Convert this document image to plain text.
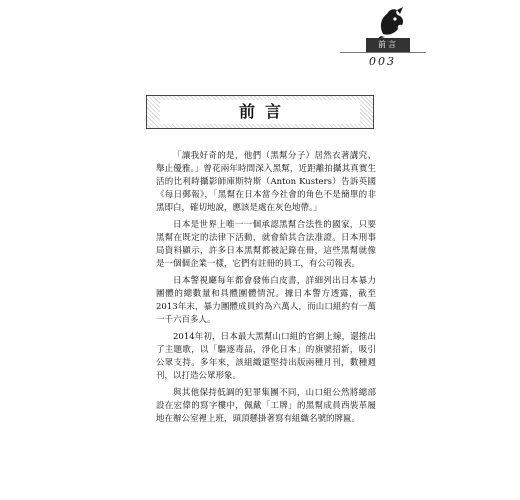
前言
003
前言

「讓我好奇的是，他們（黑幫分子）居然衣著講究、舉止優雅。」曾花兩年時間深入黑幫，近距離拍攝其真實生活的比利時攝影師庫斯特斯（Anton Kusters）告訴英國《每日郵報》，「黑幫在日本當今社會的角色不是簡單的非黑即白，確切地說，應該是處在灰色地帶。」

日本是世界上唯一一個承認黑幫合法性的國家，只要黑幫在既定的法律下活動，就會給其合法准證。日本刑事局資料顯示，許多日本黑幫都被記錄在冊，這些黑幫就像是一個個企業一樣，它們有註冊的員工，有公司報表。

日本警視廳每年都會發佈白皮書，詳細列出日本暴力團體的總數量和具體團體情況。據日本警方透露，截至2013年末，暴力團體成員約為六萬人，而山口組約有一萬一千六百多人。

2014年初，日本最大黑幫山口組的官網上線，還推出了主題歌，以「驅逐毒品，淨化日本」的旗號招新，吸引公眾支持。多年來，該組織還堅持出版兩種月刊，數種週刊，以打造公眾形象。

與其他保持低調的犯罪集團不同，山口組公然將總部設在宏偉的寫字樓中，佩戴「工牌」的黑幫成員西裝革履地在辦公室裡上班，頭頂懸掛著寫有組織名號的牌匾。
